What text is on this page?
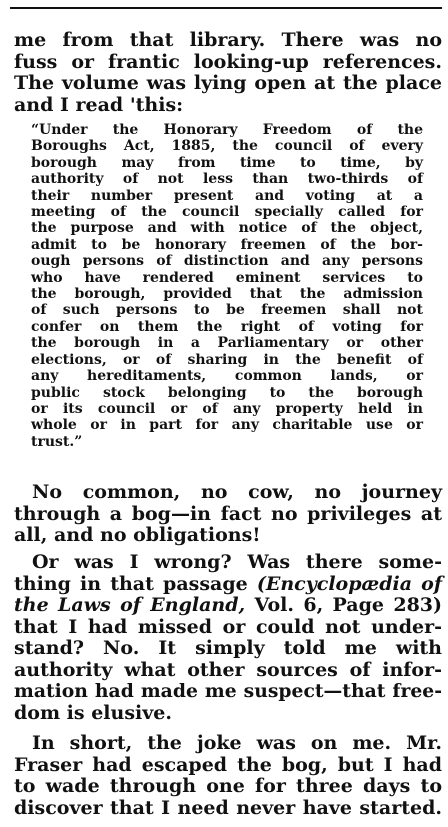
me from that library. There was no
fuss or frantic looking-up references.
The volume was lying open at the place
and I read 'this:
“Under the Honorary Freedom of the
Boroughs Act, 1885, the council of every
borough may from time to time, by
authority of not less than two-thirds of
their number present and voting at a
meeting of the council specially called for
the purpose and with notice of the object,
admit to be honorary freemen of the bor-
ough persons of distinction and any persons
who have rendered eminent services to
the borough, provided that the admission
of such persons to be freemen shall not
confer on them the right of voting for
the borough in a Parliamentary or other
elections, or of sharing in the benefit of
any hereditaments, common lands, or
public stock belonging to the borough
or its council or of any property held in
whole or in part for any charitable use or
trust.”
No common, no cow, no journey
through a bog—in fact no privileges at
all, and no obligations!
Or was I wrong? Was there some-
thing in that passage (Encyclopædia of
the Laws of England, Vol. 6, Page 283)
that I had missed or could not under-
stand? No. It simply told me with
authority what other sources of infor-
mation had made me suspect—that free-
dom is elusive.
In short, the joke was on me. Mr.
Fraser had escaped the bog, but I had
to wade through one for three days to
discover that I need never have started.
